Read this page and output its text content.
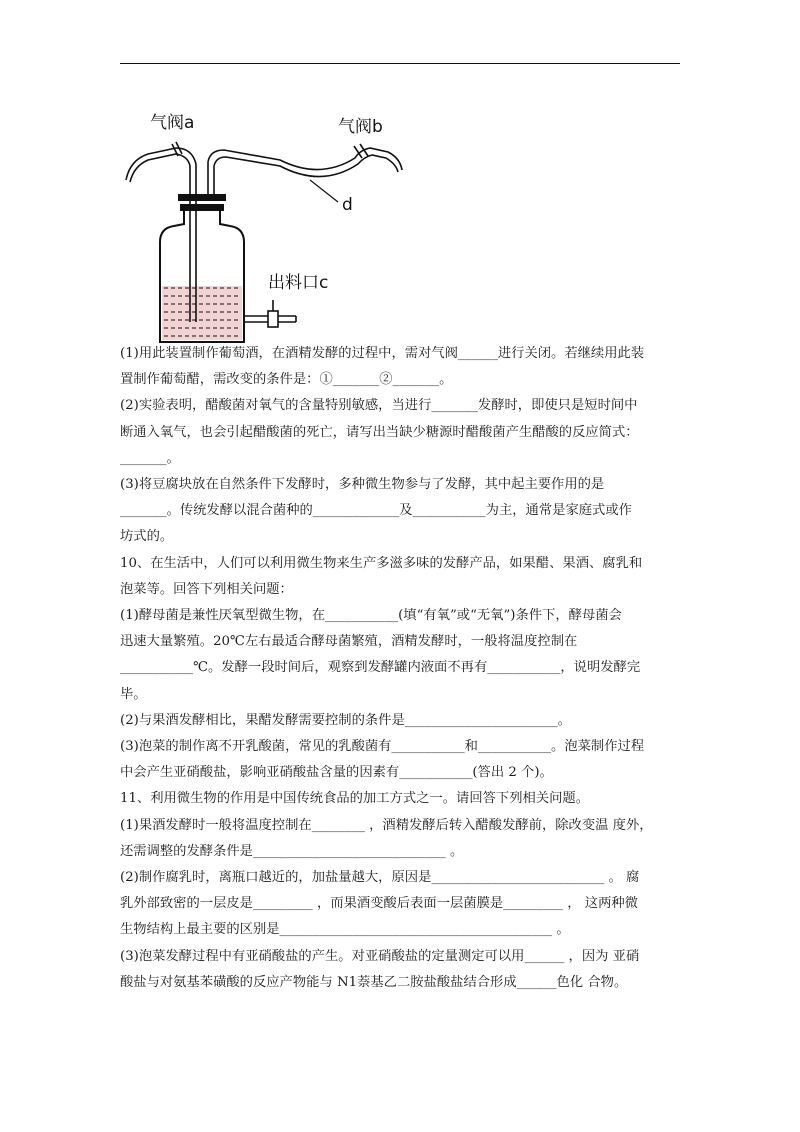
气阀a	气阀b
d
出料口c

(1)用此装置制作葡萄酒，在酒精发酵的过程中，需对气阀______进行关闭。若继续用此装

置制作葡萄醋，需改变的条件是：①_______②_______。

(2)实验表明，醋酸菌对氧气的含量特别敏感，当进行_______发酵时，即使只是短时间中

断通入氧气，也会引起醋酸菌的死亡，请写出当缺少糖源时醋酸菌产生醋酸的反应简式：

_______。

(3)将豆腐块放在自然条件下发酵时，多种微生物参与了发酵，其中起主要作用的是

_______。传统发酵以混合菌种的_____________及___________为主，通常是家庭式或作

坊式的。

10、在生活中，人们可以利用微生物来生产多滋多味的发酵产品，如果醋、果酒、腐乳和

泡菜等。回答下列相关问题：

(1)酵母菌是兼性厌氧型微生物，在___________(填“有氧”或“无氧”)条件下，酵母菌会

迅速大量繁殖。20℃左右最适合酵母菌繁殖，酒精发酵时，一般将温度控制在

___________℃。发酵一段时间后，观察到发酵罐内液面不再有___________，说明发酵完

毕。

(2)与果酒发酵相比，果醋发酵需要控制的条件是_______________________。

(3)泡菜的制作离不开乳酸菌，常见的乳酸菌有___________和___________。泡菜制作过程

中会产生亚硝酸盐，影响亚硝酸盐含量的因素有___________(答出 2 个)。

11、利用微生物的作用是中国传统食品的加工方式之一。请回答下列相关问题。

(1)果酒发酵时一般将温度控制在________ ，酒精发酵后转入醋酸发酵前，除改变温 度外，

还需调整的发酵条件是_____________________________ 。

(2)制作腐乳时，离瓶口越近的，加盐量越大，原因是__________________________ 。 腐

乳外部致密的一层皮是_________ ，而果酒变酸后表面一层菌膜是_________ ， 这两种微

生物结构上最主要的区别是_________________________________________ 。

(3)泡菜发酵过程中有亚硝酸盐的产生。对亚硝酸盐的定量测定可以用______ ，因为 亚硝

酸盐与对氨基苯磺酸的反应产物能与 N1萘基乙二胺盐酸盐结合形成______色化 合物。
